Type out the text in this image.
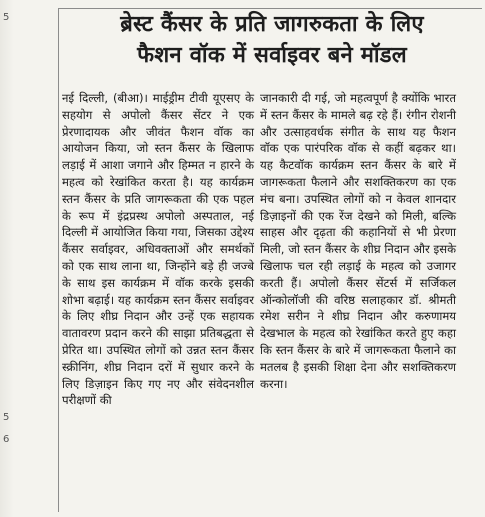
5
5
6
ब्रेस्ट कैंसर के प्रति जागरुकता के लिए
फैशन वॉक में सर्वाइवर बने मॉडल

नई दिल्ली, (बीआ)। माईड्रीम टीवी यूएसए के सहयोग से अपोलो कैंसर सेंटर ने एक प्रेरणादायक और जीवंत फैशन वॉक का आयोजन किया, जो स्तन कैंसर के खिलाफ लड़ाई में आशा जगाने और हिम्मत न हारने के महत्व को रेखांकित करता है। यह कार्यक्रम स्तन कैंसर के प्रति जागरूकता की एक पहल के रूप में इंद्रप्रस्थ अपोलो अस्पताल, नई दिल्ली में आयोजित किया गया, जिसका उद्देश्य कैंसर सर्वाइवर, अधिवक्ताओं और समर्थकों को एक साथ लाना था, जिन्होंने बड़े ही जज्बे के साथ इस कार्यक्रम में वॉक करके इसकी शोभा बढ़ाई। यह कार्यक्रम स्तन कैंसर सर्वाइवर के लिए शीघ्र निदान और उन्हें एक सहायक वातावरण प्रदान करने की साझा प्रतिबद्धता से प्रेरित था। उपस्थित लोगों को उन्नत स्तन कैंसर स्क्रीनिंग, शीघ्र निदान दरों में सुधार करने के लिए डिज़ाइन किए गए नए और संवेदनशील परीक्षणों की

जानकारी दी गई, जो महत्वपूर्ण है क्योंकि भारत में स्तन कैंसर के मामले बढ़ रहे हैं। रंगीन रोशनी और उत्साहवर्धक संगीत के साथ यह फैशन वॉक एक पारंपरिक वॉक से कहीं बढ़कर था। यह कैटवॉक कार्यक्रम स्तन कैंसर के बारे में जागरूकता फैलाने और सशक्तिकरण का एक मंच बना। उपस्थित लोगों को न केवल शानदार डिज़ाइनों की एक रेंज देखने को मिली, बल्कि साहस और दृढ़ता की कहानियों से भी प्रेरणा मिली, जो स्तन कैंसर के शीघ्र निदान और इसके खिलाफ चल रही लड़ाई के महत्व को उजागर करती हैं। अपोलो कैंसर सेंटर्स में सर्जिकल ऑन्कोलॉजी की वरिष्ठ सलाहकार डॉ. श्रीमती रमेश सरीन ने शीघ्र निदान और करुणामय देखभाल के महत्व को रेखांकित करते हुए कहा कि स्तन कैंसर के बारे में जागरूकता फैलाने का मतलब है इसकी शिक्षा देना और सशक्तिकरण करना।
